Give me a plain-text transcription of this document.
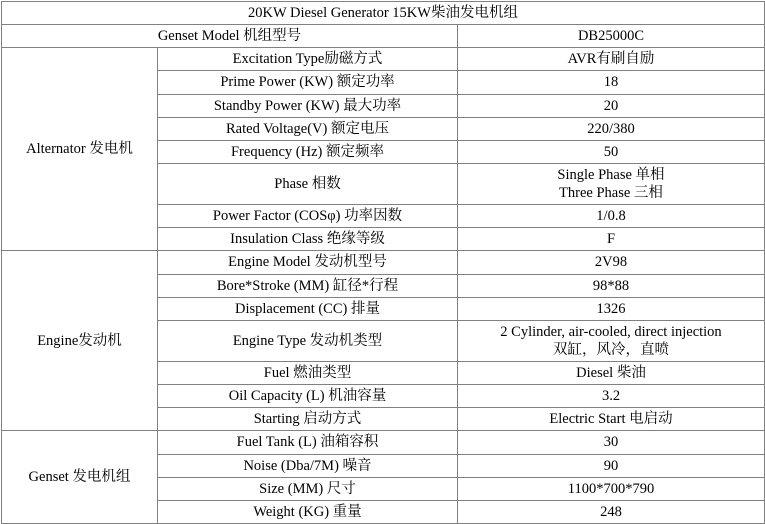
20KW Diesel Generator 15KW柴油发电机组		
Genset Model 机组型号		DB25000C
Alternator 发电机	Excitation Type励磁方式	AVR有刷自励
	Prime Power (KW) 额定功率	18
	Standby Power (KW) 最大功率	20
	Rated Voltage(V) 额定电压	220/380
	Frequency (Hz) 额定频率	50
	Phase 相数	Single Phase 单相
Three Phase 三相

	Power Factor (COSφ) 功率因数	1/0.8
	Insulation Class 绝缘等级	F
Engine发动机	Engine Model 发动机型号	2V98
	Bore*Stroke (MM) 缸径*行程	98*88
	Displacement (CC) 排量	1326
	Engine Type 发动机类型	2 Cylinder, air-cooled, direct injection
双缸，风冷，直喷

	Fuel 燃油类型	Diesel 柴油
	Oil Capacity (L) 机油容量	3.2
	Starting 启动方式	Electric Start 电启动
Genset 发电机组	Fuel Tank (L) 油箱容积	30
	Noise (Dba/7M) 噪音	90
	Size (MM) 尺寸	1100*700*790
	Weight (KG) 重量	248
